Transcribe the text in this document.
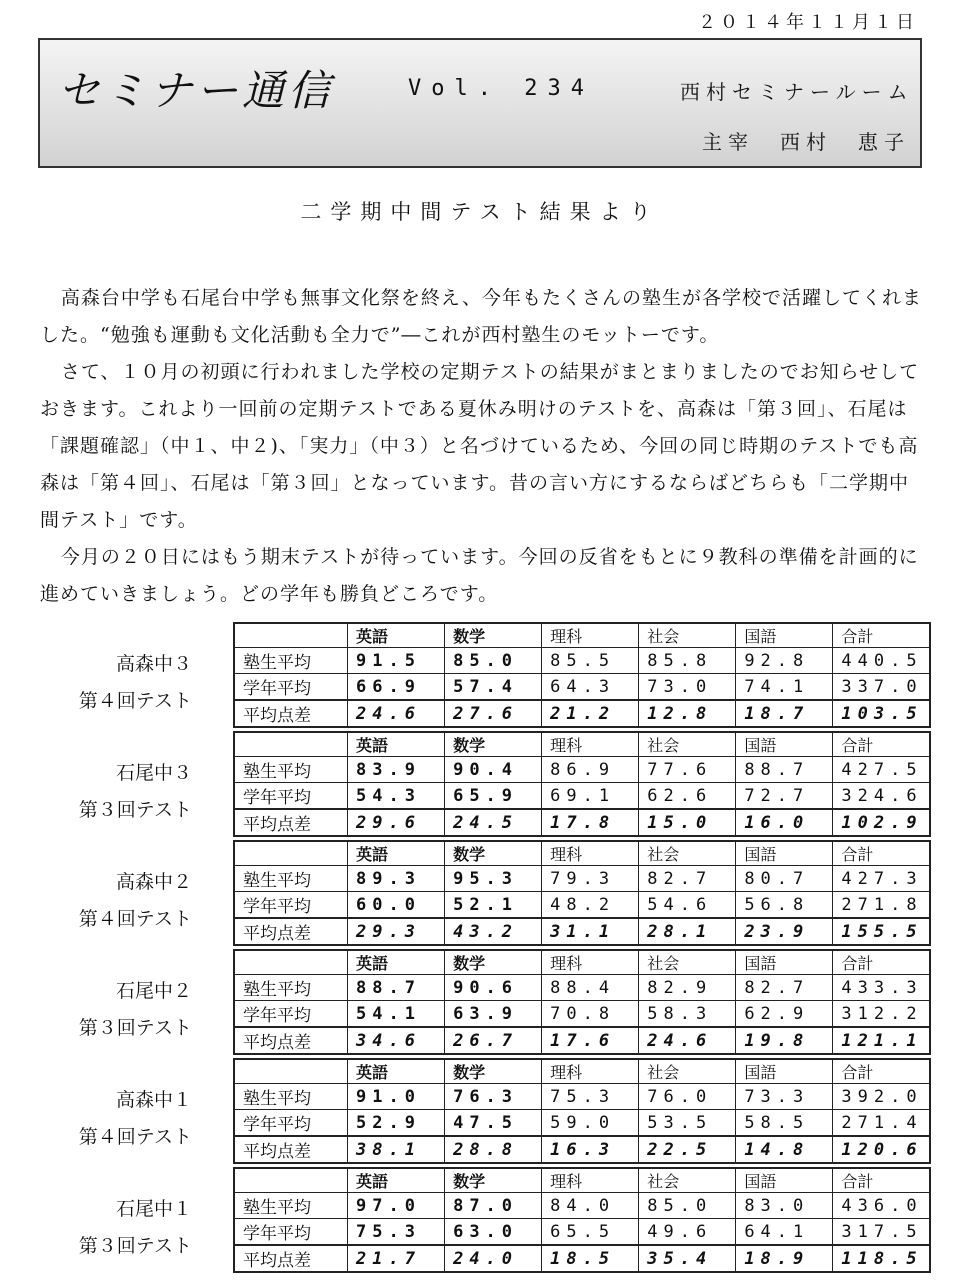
２０１４年１１月１日
セミナー通信	Vol. 234	西村セミナールーム
主宰　西村　恵子
二学期中間テスト結果より

高森台中学も石尾台中学も無事文化祭を終え、今年もたくさんの塾生が各学校で活躍してくれました。“勉強も運動も文化活動も全力で”―これが西村塾生のモットーです。

さて、１０月の初頭に行われました学校の定期テストの結果がまとまりましたのでお知らせしておきます。これより一回前の定期テストである夏休み明けのテストを、高森は「第３回」、石尾は「課題確認」（中１、中２)、「実力」（中３）と名づけているため、今回の同じ時期のテストでも高森は「第４回」、石尾は「第３回」となっています。昔の言い方にするならばどちらも「二学期中間テスト」です。

今月の２０日にはもう期末テストが待っています。今回の反省をもとに９教科の準備を計画的に進めていきましょう。どの学年も勝負どころです。

高森中３
第４回テスト
	英語	数学	理科	社会	国語	合計
塾生平均	91.5	85.0	85.5	85.8	92.8	440.5
学年平均	66.9	57.4	64.3	73.0	74.1	337.0
平均点差	24.6	27.6	21.2	12.8	18.7	103.5
石尾中３
第３回テスト
	英語	数学	理科	社会	国語	合計
塾生平均	83.9	90.4	86.9	77.6	88.7	427.5
学年平均	54.3	65.9	69.1	62.6	72.7	324.6
平均点差	29.6	24.5	17.8	15.0	16.0	102.9
高森中２
第４回テスト
	英語	数学	理科	社会	国語	合計
塾生平均	89.3	95.3	79.3	82.7	80.7	427.3
学年平均	60.0	52.1	48.2	54.6	56.8	271.8
平均点差	29.3	43.2	31.1	28.1	23.9	155.5
石尾中２
第３回テスト
	英語	数学	理科	社会	国語	合計
塾生平均	88.7	90.6	88.4	82.9	82.7	433.3
学年平均	54.1	63.9	70.8	58.3	62.9	312.2
平均点差	34.6	26.7	17.6	24.6	19.8	121.1
高森中１
第４回テスト
	英語	数学	理科	社会	国語	合計
塾生平均	91.0	76.3	75.3	76.0	73.3	392.0
学年平均	52.9	47.5	59.0	53.5	58.5	271.4
平均点差	38.1	28.8	16.3	22.5	14.8	120.6
石尾中１
第３回テスト
	英語	数学	理科	社会	国語	合計
塾生平均	97.0	87.0	84.0	85.0	83.0	436.0
学年平均	75.3	63.0	65.5	49.6	64.1	317.5
平均点差	21.7	24.0	18.5	35.4	18.9	118.5
